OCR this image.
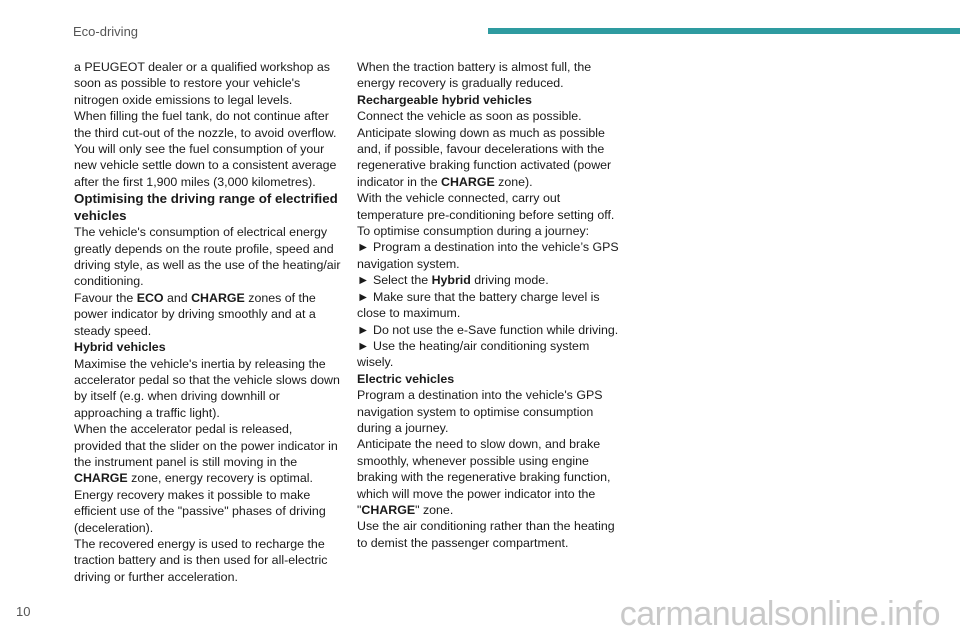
Eco-driving

a PEUGEOT dealer or a qualified workshop as soon as possible to restore your vehicle's nitrogen oxide emissions to legal levels.

When filling the fuel tank, do not continue after the third cut-out of the nozzle, to avoid overflow.

You will only see the fuel consumption of your new vehicle settle down to a consistent average after the first 1,900 miles (3,000 kilometres).

Optimising the driving range of electrified vehicles

The vehicle's consumption of electrical energy greatly depends on the route profile, speed and driving style, as well as the use of the heating/air conditioning.

Favour the ECO and CHARGE zones of the power indicator by driving smoothly and at a steady speed.

Hybrid vehicles

Maximise the vehicle's inertia by releasing the accelerator pedal so that the vehicle slows down by itself (e.g. when driving downhill or approaching a traffic light).

When the accelerator pedal is released, provided that the slider on the power indicator in the instrument panel is still moving in the CHARGE zone, energy recovery is optimal.

Energy recovery makes it possible to make efficient use of the "passive" phases of driving (deceleration).

The recovered energy is used to recharge the traction battery and is then used for all-electric driving or further acceleration.

When the traction battery is almost full, the energy recovery is gradually reduced.

Rechargeable hybrid vehicles

Connect the vehicle as soon as possible.

Anticipate slowing down as much as possible and, if possible, favour decelerations with the regenerative braking function activated (power indicator in the CHARGE zone).

With the vehicle connected, carry out temperature pre-conditioning before setting off.

To optimise consumption during a journey:

► Program a destination into the vehicle’s GPS navigation system.

► Select the Hybrid driving mode.

► Make sure that the battery charge level is close to maximum.

► Do not use the e-Save function while driving.

► Use the heating/air conditioning system wisely.

Electric vehicles

Program a destination into the vehicle's GPS navigation system to optimise consumption during a journey.

Anticipate the need to slow down, and brake smoothly, whenever possible using engine braking with the regenerative braking function, which will move the power indicator into the "CHARGE" zone.

Use the air conditioning rather than the heating to demist the passenger compartment.

10	carmanualsonline.info
